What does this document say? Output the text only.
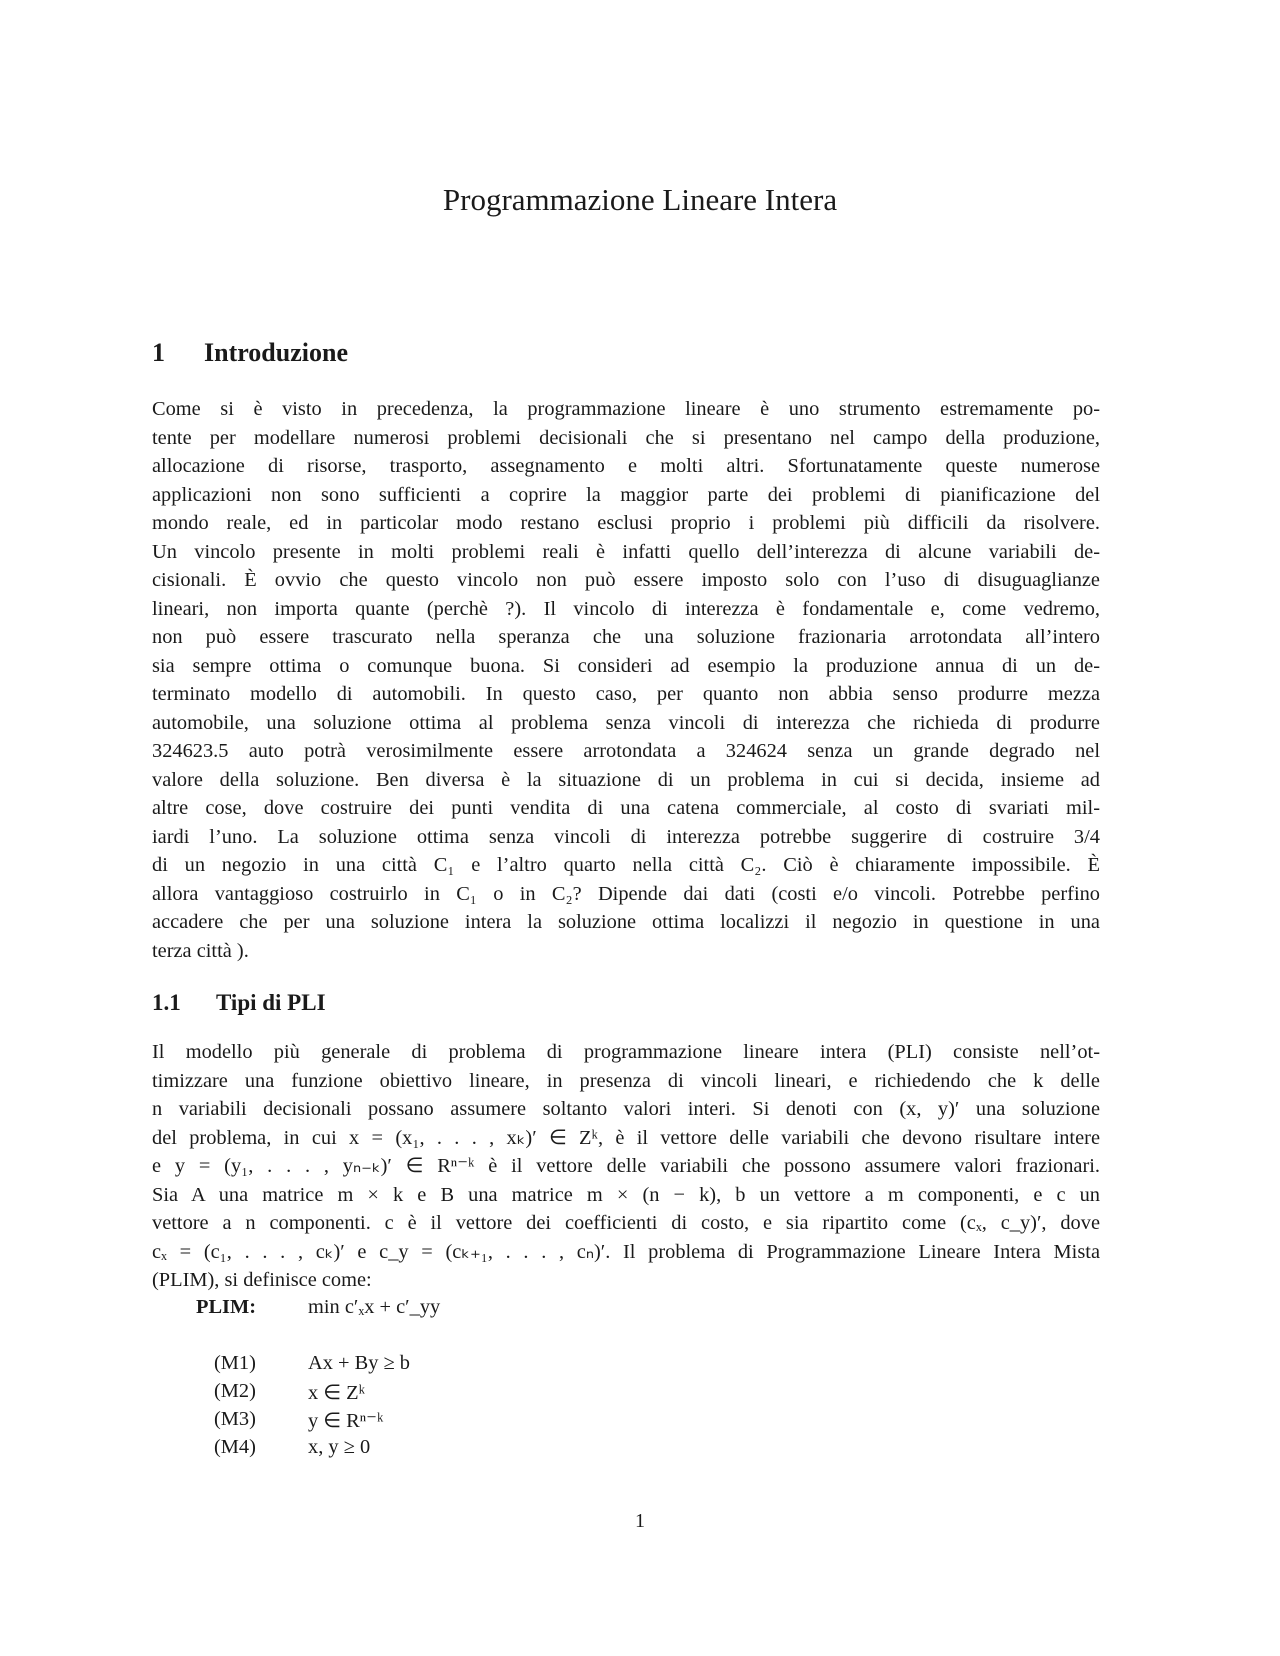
Programmazione Lineare Intera
1 Introduzione
Come si è visto in precedenza, la programmazione lineare è uno strumento estremamente po-
tente per modellare numerosi problemi decisionali che si presentano nel campo della produzione,
allocazione di risorse, trasporto, assegnamento e molti altri. Sfortunatamente queste numerose
applicazioni non sono sufficienti a coprire la maggior parte dei problemi di pianificazione del
mondo reale, ed in particolar modo restano esclusi proprio i problemi più difficili da risolvere.
Un vincolo presente in molti problemi reali è infatti quello dell’interezza di alcune variabili de-
cisionali. È ovvio che questo vincolo non può essere imposto solo con l’uso di disuguaglianze
lineari, non importa quante (perchè ?). Il vincolo di interezza è fondamentale e, come vedremo,
non può essere trascurato nella speranza che una soluzione frazionaria arrotondata all’intero
sia sempre ottima o comunque buona. Si consideri ad esempio la produzione annua di un de-
terminato modello di automobili. In questo caso, per quanto non abbia senso produrre mezza
automobile, una soluzione ottima al problema senza vincoli di interezza che richieda di produrre
324623.5 auto potrà verosimilmente essere arrotondata a 324624 senza un grande degrado nel
valore della soluzione. Ben diversa è la situazione di un problema in cui si decida, insieme ad
altre cose, dove costruire dei punti vendita di una catena commerciale, al costo di svariati mil-
iardi l’uno. La soluzione ottima senza vincoli di interezza potrebbe suggerire di costruire 3/4
di un negozio in una città C₁ e l’altro quarto nella città C₂. Ciò è chiaramente impossibile. È
allora vantaggioso costruirlo in C₁ o in C₂? Dipende dai dati (costi e/o vincoli. Potrebbe perfino
accadere che per una soluzione intera la soluzione ottima localizzi il negozio in questione in una
terza città ).
1.1 Tipi di PLI
Il modello più generale di problema di programmazione lineare intera (PLI) consiste nell’ot-
timizzare una funzione obiettivo lineare, in presenza di vincoli lineari, e richiedendo che k delle
n variabili decisionali possano assumere soltanto valori interi. Si denoti con (x, y)′ una soluzione
del problema, in cui x = (x₁, . . . , xₖ)′ ∈ Zᵏ, è il vettore delle variabili che devono risultare intere
e y = (y₁, . . . , yₙ₋ₖ)′ ∈ Rⁿ⁻ᵏ è il vettore delle variabili che possono assumere valori frazionari.
Sia A una matrice m × k e B una matrice m × (n − k), b un vettore a m componenti, e c un
vettore a n componenti. c è il vettore dei coefficienti di costo, e sia ripartito come (cₓ, c_y)′, dove
cₓ = (c₁, . . . , cₖ)′ e c_y = (cₖ₊₁, . . . , cₙ)′. Il problema di Programmazione Lineare Intera Mista
(PLIM), si definisce come:
PLIM:	min c′ₓx + c′_yy
(M1)	Ax + By ≥ b
(M2)	x ∈ Zᵏ
(M3)	y ∈ Rⁿ⁻ᵏ
(M4)	x, y ≥ 0
1
